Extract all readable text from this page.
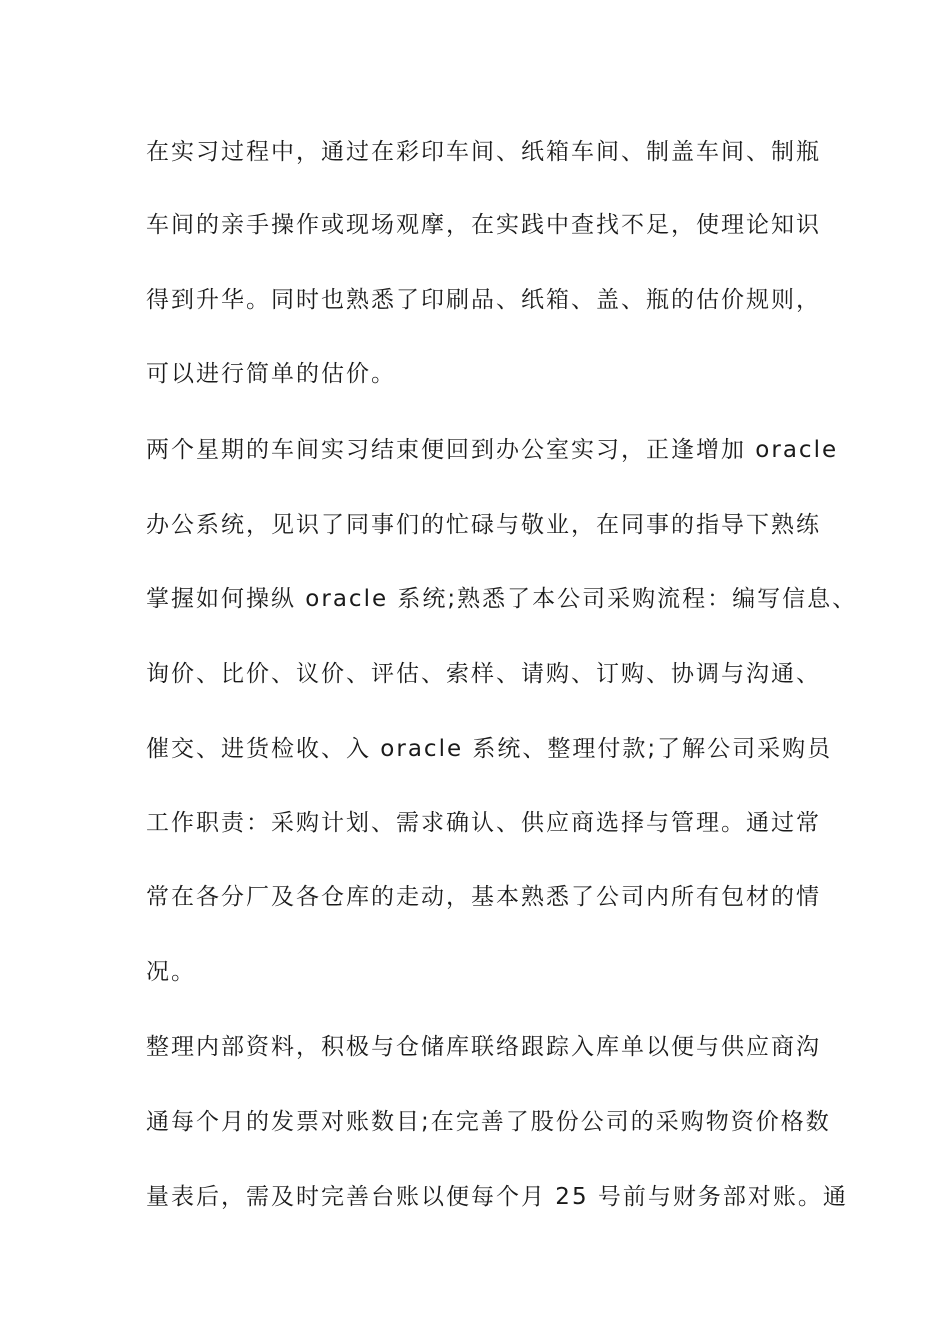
在实习过程中，通过在彩印车间、纸箱车间、制盖车间、制瓶
车间的亲手操作或现场观摩，在实践中查找不足，使理论知识
得到升华。同时也熟悉了印刷品、纸箱、盖、瓶的估价规则，
可以进行简单的估价。
两个星期的车间实习结束便回到办公室实习，正逢增加 oracle
办公系统，见识了同事们的忙碌与敬业，在同事的指导下熟练
掌握如何操纵 oracle 系统;熟悉了本公司采购流程：编写信息、
询价、比价、议价、评估、索样、请购、订购、协调与沟通、
催交、进货检收、入 oracle 系统、整理付款;了解公司采购员
工作职责：采购计划、需求确认、供应商选择与管理。通过常
常在各分厂及各仓库的走动，基本熟悉了公司内所有包材的情
况。
整理内部资料，积极与仓储库联络跟踪入库单以便与供应商沟
通每个月的发票对账数目;在完善了股份公司的采购物资价格数
量表后，需及时完善台账以便每个月 25 号前与财务部对账。通
